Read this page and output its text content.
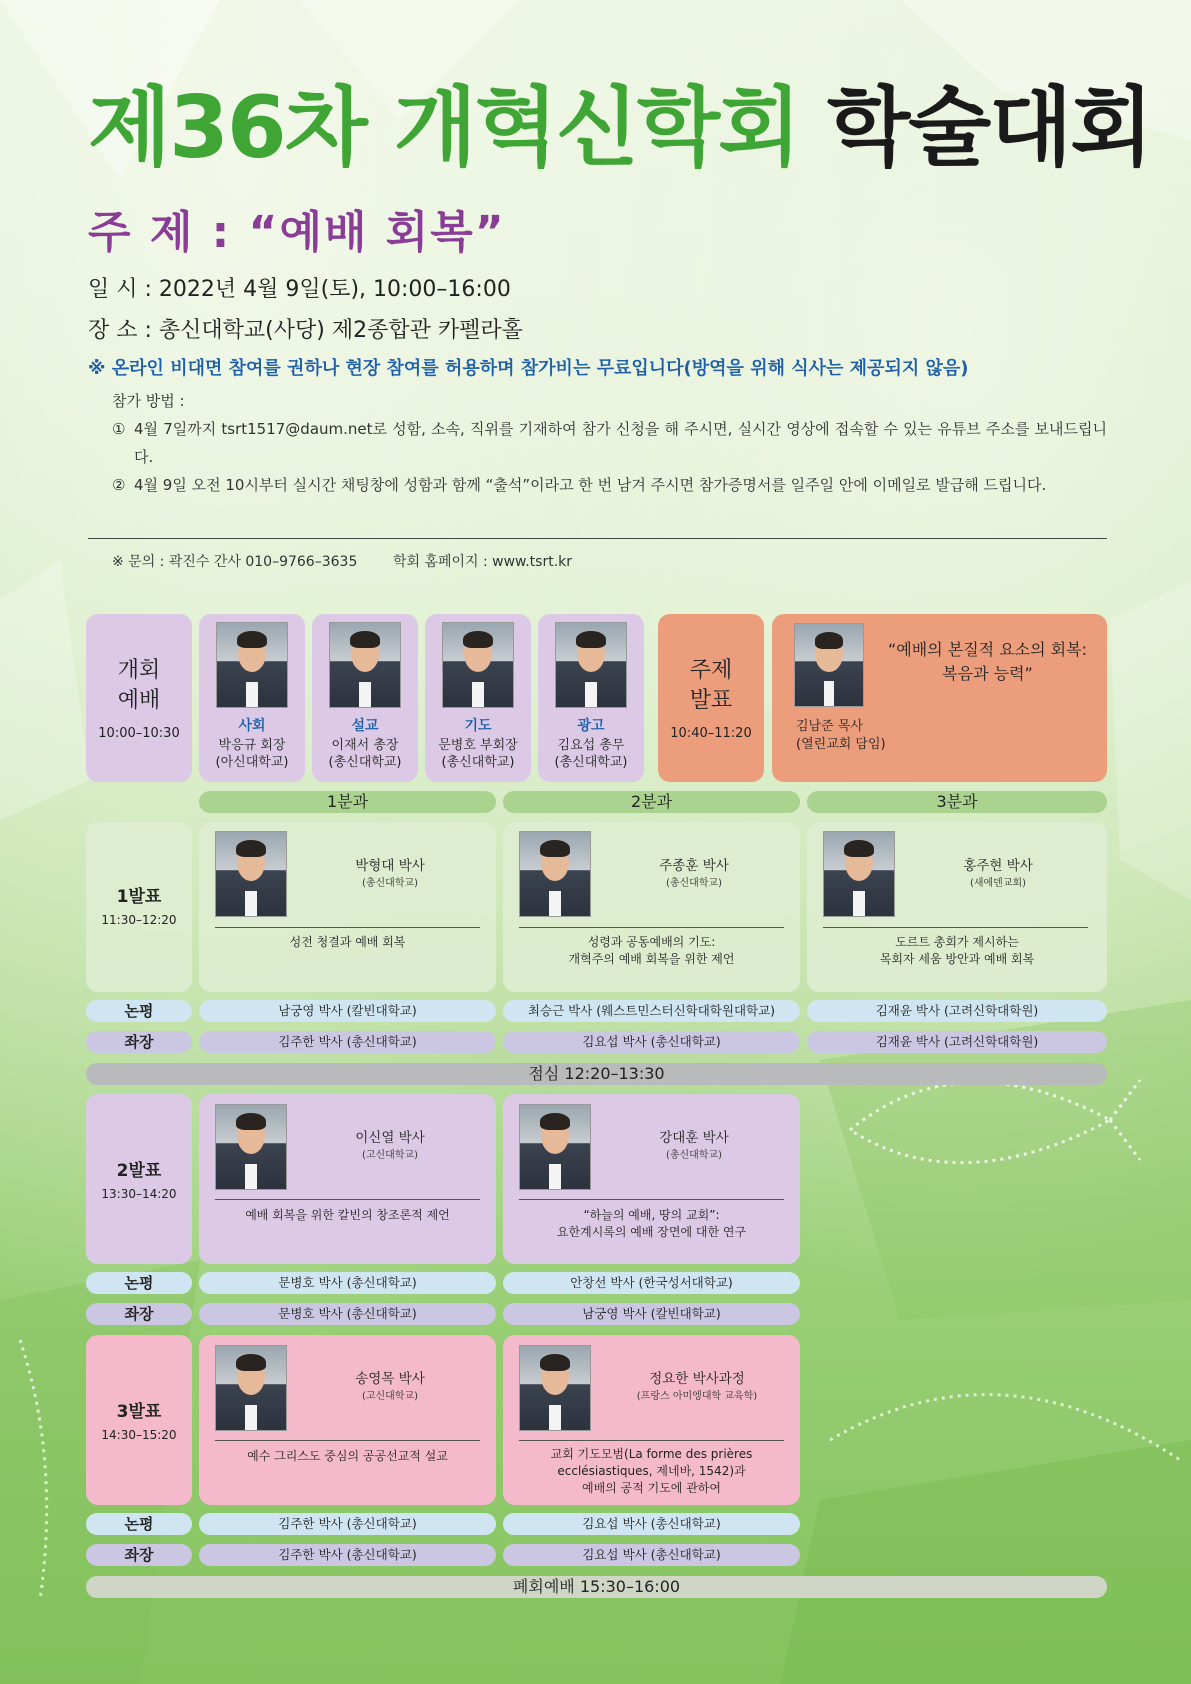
제36차 개혁신학회 학술대회
주 제 : “예배 회복”
일 시 : 2022년 4월 9일(토), 10:00–16:00
장 소 : 총신대학교(사당) 제2종합관 카펠라홀
※ 온라인 비대면 참여를 권하나 현장 참여를 허용하며 참가비는 무료입니다(방역을 위해 식사는 제공되지 않음)
참가 방법 :
① 4월 7일까지 tsrt1517@daum.net로 성함, 소속, 직위를 기재하여 참가 신청을 해 주시면, 실시간 영상에 접속할 수 있는 유튜브 주소를 보내드립니다.
② 4월 9일 오전 10시부터 실시간 채팅창에 성함과 함께 “출석”이라고 한 번 남겨 주시면 참가증명서를 일주일 안에 이메일로 발급해 드립니다.
※ 문의 : 곽진수 간사 010–9766–3635        학회 홈페이지 : www.tsrt.kr
개회
예배
10:00–10:30	사회
박응규 회장
(아신대학교)
설교
이재서 총장
(총신대학교)
기도
문병호 부회장
(총신대학교)
광고
김요섭 총무
(총신대학교)
주제
발표
10:40–11:20
“예배의 본질적 요소의 회복:
복음과 능력”
김남준 목사
(열린교회 담임)
1분과	2분과	3분과
1발표
11:30–12:20
박형대 박사
(총신대학교)
성전 청결과 예배 회복
주종훈 박사
(총신대학교)
성령과 공동예배의 기도:
개혁주의 예배 회복을 위한 제언
홍주현 박사
(새에덴교회)
도르트 총회가 제시하는
목회자 세움 방안과 예배 회복
논평	남궁영 박사 (칼빈대학교)	최승근 박사 (웨스트민스터신학대학원대학교)	김재윤 박사 (고려신학대학원)
좌장	김주한 박사 (총신대학교)	김요섭 박사 (총신대학교)	김재윤 박사 (고려신학대학원)
점심 12:20–13:30
2발표
13:30–14:20
이신열 박사
(고신대학교)
예배 회복을 위한 칼빈의 창조론적 제언
강대훈 박사
(총신대학교)
“하늘의 예배, 땅의 교회”:
요한계시록의 예배 장면에 대한 연구
논평	문병호 박사 (총신대학교)	안창선 박사 (한국성서대학교)
좌장	문병호 박사 (총신대학교)	남궁영 박사 (칼빈대학교)
3발표
14:30–15:20
송영목 박사
(고신대학교)
예수 그리스도 중심의 공공선교적 설교
정요한 박사과정
(프랑스 아미엥대학 교육학)
교회 기도모범(La forme des prières
ecclésiastiques, 제네바, 1542)과
예배의 공적 기도에 관하여
논평	김주한 박사 (총신대학교)	김요섭 박사 (총신대학교)
좌장	김주한 박사 (총신대학교)	김요섭 박사 (총신대학교)
폐회예배 15:30–16:00
